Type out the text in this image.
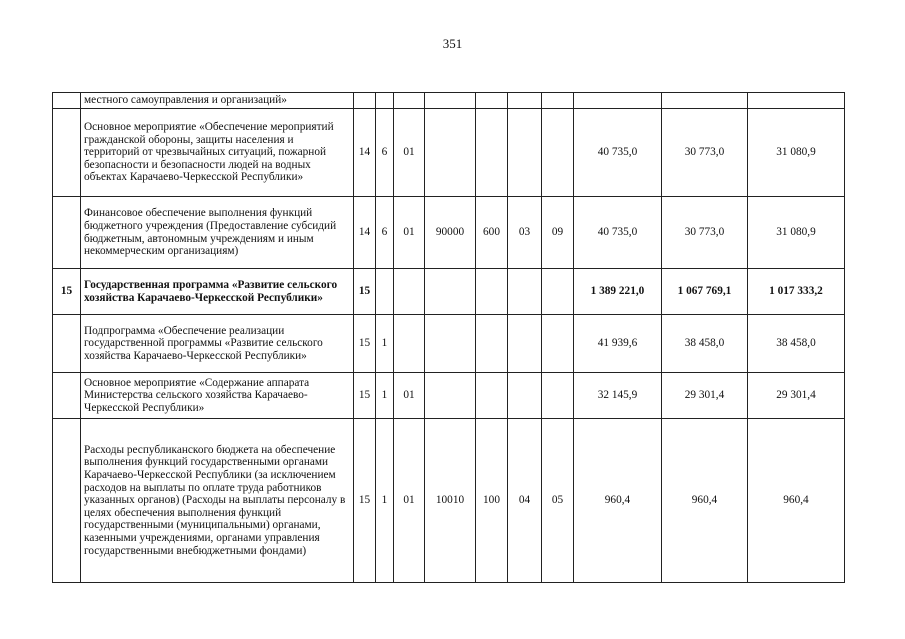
351
	местного самоуправления и организаций»										
	Основное мероприятие «Обеспечение мероприятий гражданской обороны, защиты населения и территорий от чрезвычайных ситуаций, пожарной безопасности и безопасности людей на водных объектах Карачаево-Черкесской Республики»	14	6	01					40 735,0	30 773,0	31 080,9
	Финансовое обеспечение выполнения функций бюджетного учреждения (Предоставление субсидий бюджетным, автономным учреждениям и иным некоммерческим организациям)	14	6	01	90000	600	03	09	40 735,0	30 773,0	31 080,9
15	Государственная программа «Развитие сельского хозяйства Карачаево-Черкесской Республики»	15							1 389 221,0	1 067 769,1	1 017 333,2
	Подпрограмма «Обеспечение реализации государственной программы «Развитие сельского хозяйства Карачаево-Черкесской Республики»	15	1						41 939,6	38 458,0	38 458,0
	Основное мероприятие «Содержание аппарата Министерства сельского хозяйства Карачаево-Черкесской Республики»	15	1	01					32 145,9	29 301,4	29 301,4
	Расходы республиканского бюджета на обеспечение выполнения функций государственными органами Карачаево-Черкесской Республики (за исключением расходов на выплаты по оплате труда работников указанных органов) (Расходы на выплаты персоналу в целях обеспечения выполнения функций государственными (муниципальными) органами, казенными учреждениями, органами управления государственными внебюджетными фондами)	15	1	01	10010	100	04	05	960,4	960,4	960,4
